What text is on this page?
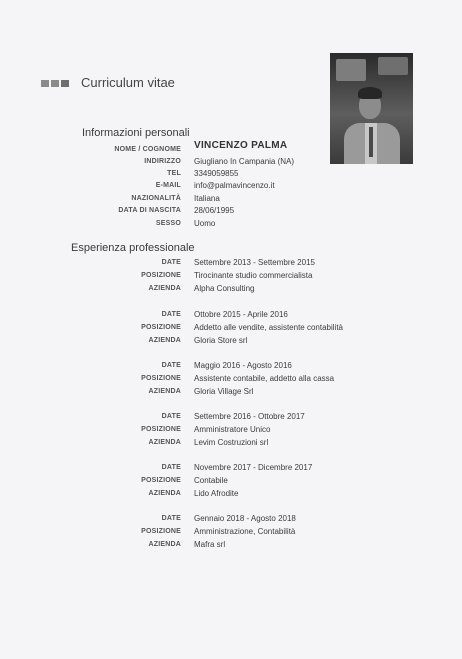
Curriculum vitae
Informazioni personali
NOME / COGNOME VINCENZO PALMA
INDIRIZZO Giugliano In Campania (NA)
TEL 3349059855
E-MAIL info@palmavincenzo.it
NAZIONALITÀ Italiana
DATA DI NASCITA 28/06/1995
SESSO Uomo
Esperienza professionale
DATE Settembre 2013 - Settembre 2015
POSIZIONE Tirocinante studio commercialista
AZIENDA Alpha Consulting
DATE Ottobre 2015 - Aprile 2016
POSIZIONE Addetto alle vendite, assistente contabilità
AZIENDA Gloria Store srl
DATE Maggio 2016 - Agosto 2016
POSIZIONE Assistente contabile, addetto alla cassa
AZIENDA Gloria Village Srl
DATE Settembre 2016 - Ottobre 2017
POSIZIONE Amministratore Unico
AZIENDA Levim Costruzioni srl
DATE Novembre 2017 - Dicembre 2017
POSIZIONE Contabile
AZIENDA Lido Afrodite
DATE Gennaio 2018 - Agosto 2018
POSIZIONE Amministrazione, Contabilità
AZIENDA Mafra srl
